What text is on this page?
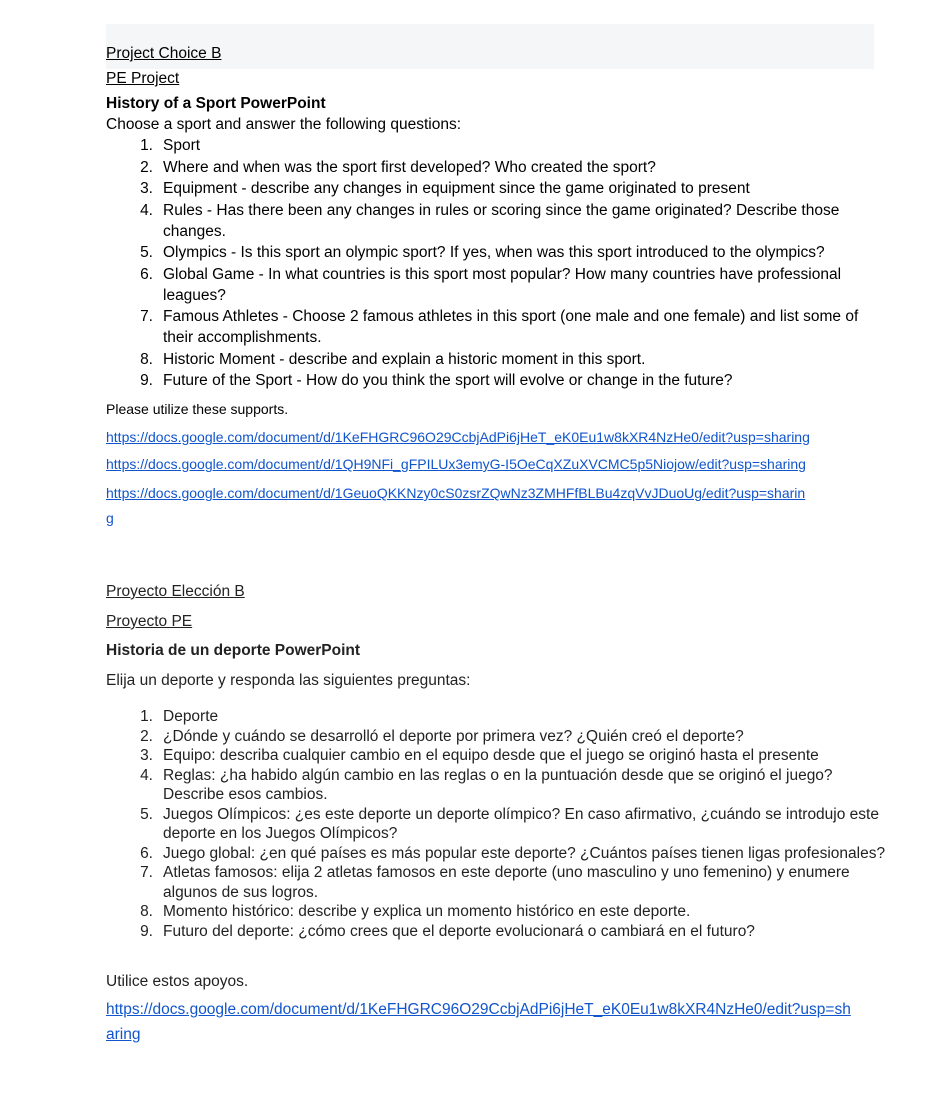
Project Choice B

PE Project

History of a Sport PowerPoint

Choose a sport and answer the following questions:

1. Sport
2. Where and when was the sport first developed? Who created the sport?
3. Equipment - describe any changes in equipment since the game originated to present
4. Rules - Has there been any changes in rules or scoring since the game originated? Describe those changes.
5. Olympics - Is this sport an olympic sport? If yes, when was this sport introduced to the olympics?
6. Global Game - In what countries is this sport most popular? How many countries have professional leagues?
7. Famous Athletes - Choose 2 famous athletes in this sport (one male and one female) and list some of their accomplishments.
8. Historic Moment - describe and explain a historic moment in this sport.
9. Future of the Sport - How do you think the sport will evolve or change in the future?

Please utilize these supports.

https://docs.google.com/document/d/1KeFHGRC96O29CcbjAdPi6jHeT_eK0Eu1w8kXR4NzHe0/edit?usp=sharing
https://docs.google.com/document/d/1QH9NFi_gFPILUx3emyG-I5OeCqXZuXVCMC5p5Niojow/edit?usp=sharing
https://docs.google.com/document/d/1GeuoQKKNzy0cS0zsrZQwNz3ZMHFfBLBu4zqVvJDuoUg/edit?usp=sharing

Proyecto Elección B

Proyecto PE

Historia de un deporte PowerPoint

Elija un deporte y responda las siguientes preguntas:

1. Deporte
2. ¿Dónde y cuándo se desarrolló el deporte por primera vez? ¿Quién creó el deporte?
3. Equipo: describa cualquier cambio en el equipo desde que el juego se originó hasta el presente
4. Reglas: ¿ha habido algún cambio en las reglas o en la puntuación desde que se originó el juego? Describe esos cambios.
5. Juegos Olímpicos: ¿es este deporte un deporte olímpico? En caso afirmativo, ¿cuándo se introdujo este deporte en los Juegos Olímpicos?
6. Juego global: ¿en qué países es más popular este deporte? ¿Cuántos países tienen ligas profesionales?
7. Atletas famosos: elija 2 atletas famosos en este deporte (uno masculino y uno femenino) y enumere algunos de sus logros.
8. Momento histórico: describe y explica un momento histórico en este deporte.
9. Futuro del deporte: ¿cómo crees que el deporte evolucionará o cambiará en el futuro?

Utilice estos apoyos.

https://docs.google.com/document/d/1KeFHGRC96O29CcbjAdPi6jHeT_eK0Eu1w8kXR4NzHe0/edit?usp=sharing
